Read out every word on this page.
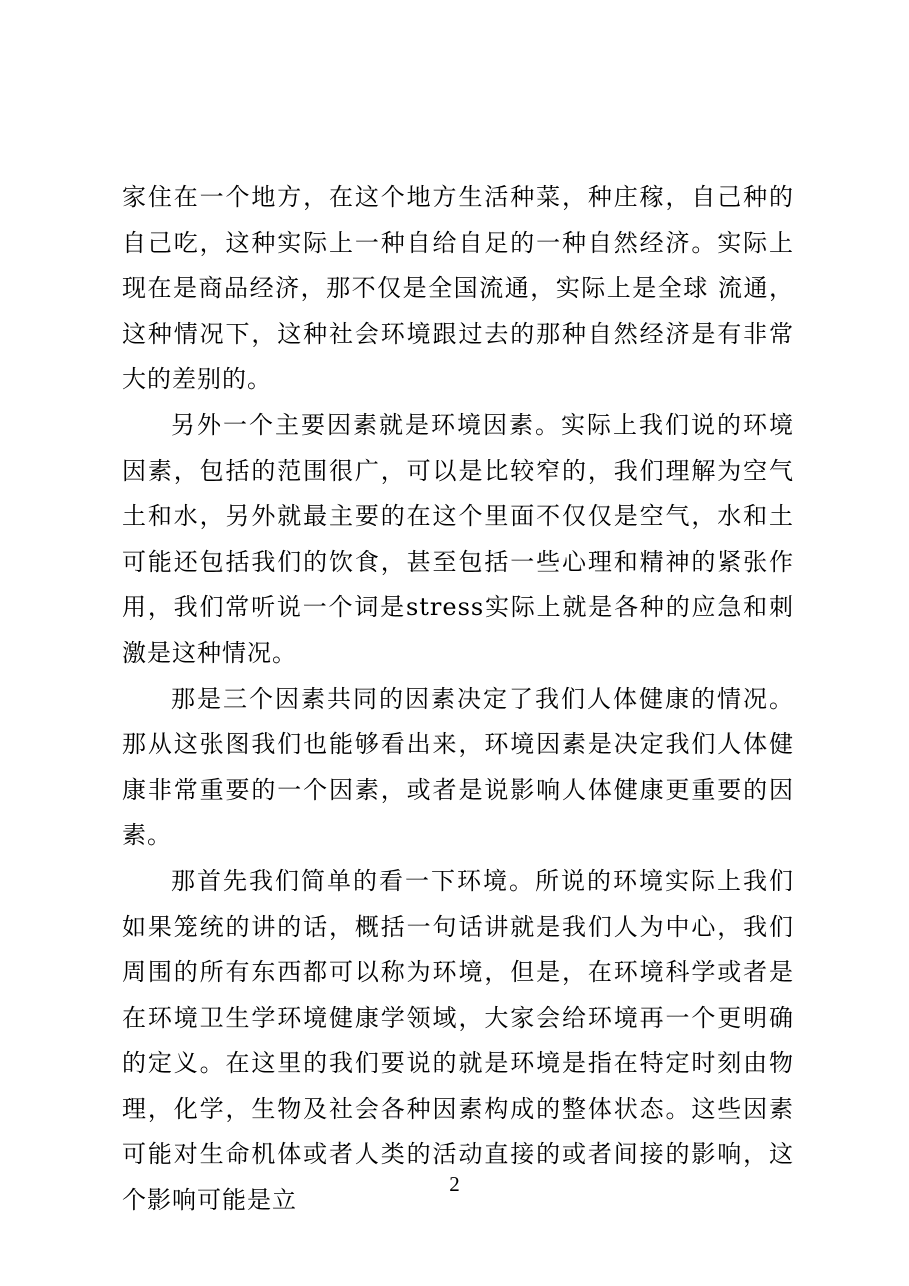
家住在一个地方，在这个地方生活种菜，种庄稼，自己种的自己吃，这种实际上一种自给自足的一种自然经济。实际上现在是商品经济，那不仅是全国流通，实际上是全球 流通，这种情况下，这种社会环境跟过去的那种自然经济是有非常大的差别的。

另外一个主要因素就是环境因素。实际上我们说的环境因素，包括的范围很广，可以是比较窄的，我们理解为空气 土和水，另外就最主要的在这个里面不仅仅是空气，水和土可能还包括我们的饮食，甚至包括一些心理和精神的紧张作用，我们常听说一个词是stress实际上就是各种的应急和刺激是这种情况。

那是三个因素共同的因素决定了我们人体健康的情况。那从这张图我们也能够看出来，环境因素是决定我们人体健康非常重要的一个因素，或者是说影响人体健康更重要的因素。

那首先我们简单的看一下环境。所说的环境实际上我们如果笼统的讲的话，概括一句话讲就是我们人为中心，我们周围的所有东西都可以称为环境，但是，在环境科学或者是在环境卫生学环境健康学领域，大家会给环境再一个更明确的定义。在这里的我们要说的就是环境是指在特定时刻由物理，化学，生物及社会各种因素构成的整体状态。这些因素可能对生命机体或者人类的活动直接的或者间接的影响，这个影响可能是立

2
